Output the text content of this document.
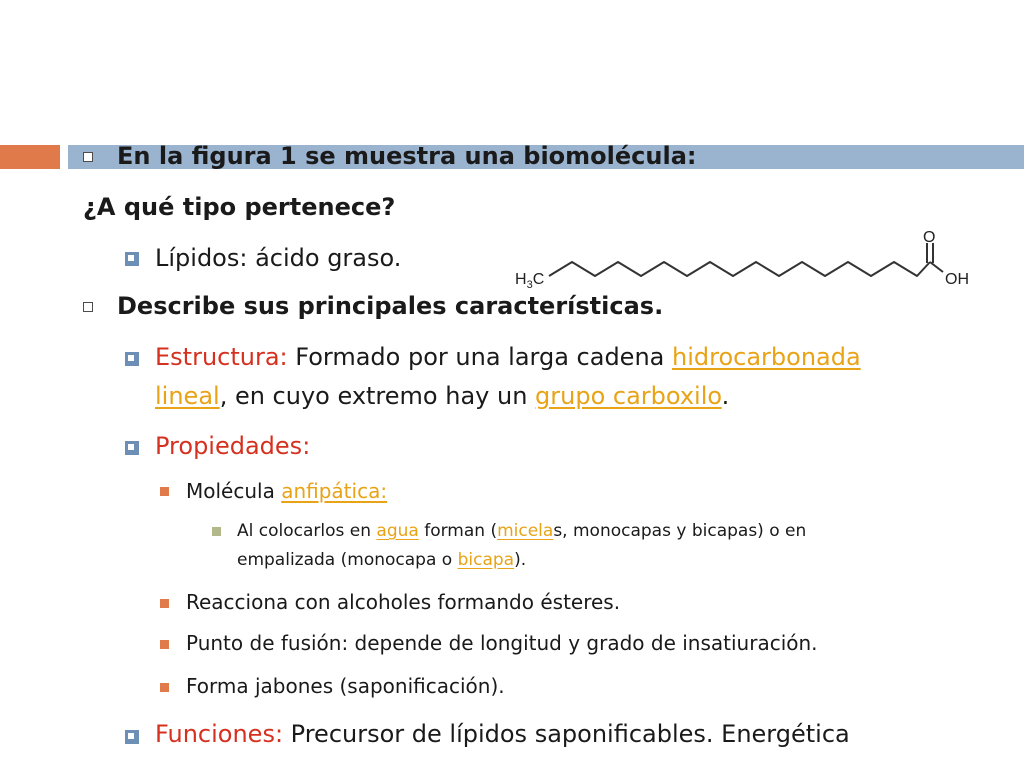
En la figura 1 se muestra una biomolécula:
¿A qué tipo pertenece?
Lípidos: ácido graso.
$H_3C$
O
OH
Describe sus principales características.
Estructura: Formado por una larga cadena hidrocarbonada
lineal, en cuyo extremo hay un grupo carboxilo.
Propiedades:
Molécula anfipática:
Al colocarlos en agua forman (micelas, monocapas y bicapas) o en
empalizada (monocapa o bicapa).
Reacciona con alcoholes formando ésteres.
Punto de fusión: depende de longitud y grado de insatiuración.
Forma jabones (saponificación).
Funciones: Precursor de lípidos saponificables. Energética
